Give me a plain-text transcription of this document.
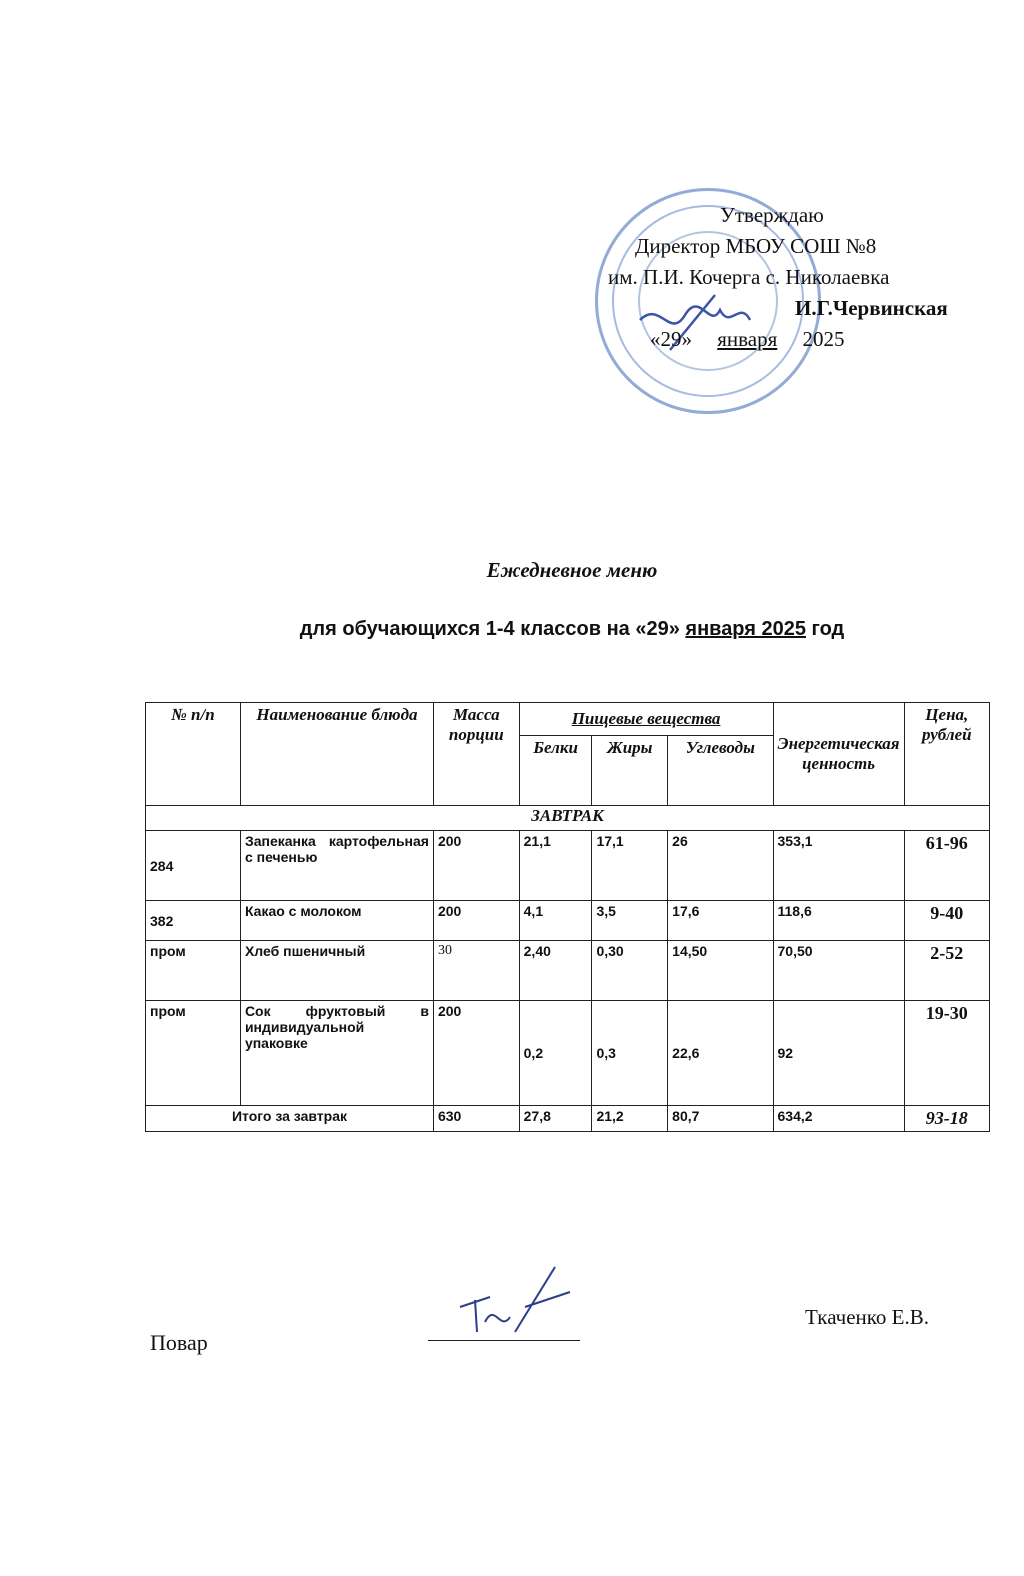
Утверждаю
Директор МБОУ СОШ №8
им. П.И. Кочерга с. Николаевка
И.Г.Червинская
«29» января 2025
Ежедневное меню
для обучающихся 1-4 классов на «29» января 2025 год
№ п/п	Наименование блюда	Масса порции	Пищевые вещества			Энергетическая ценность	Цена, рублей
			Белки	Жиры	Углеводы		
ЗАВТРАК							
284	Запеканка картофельная с печенью	200	21,1	17,1	26	353,1	61-96
382	Какао с молоком	200	4,1	3,5	17,6	118,6	9-40
пром	Хлеб пшеничный	30	2,40	0,30	14,50	70,50	2-52
пром	Сок фруктовый в индивидуальной упаковке	200	0,2	0,3	22,6	92	19-30
Итого за завтрак		630	27,8	21,2	80,7	634,2	93-18
Повар
Ткаченко Е.В.
